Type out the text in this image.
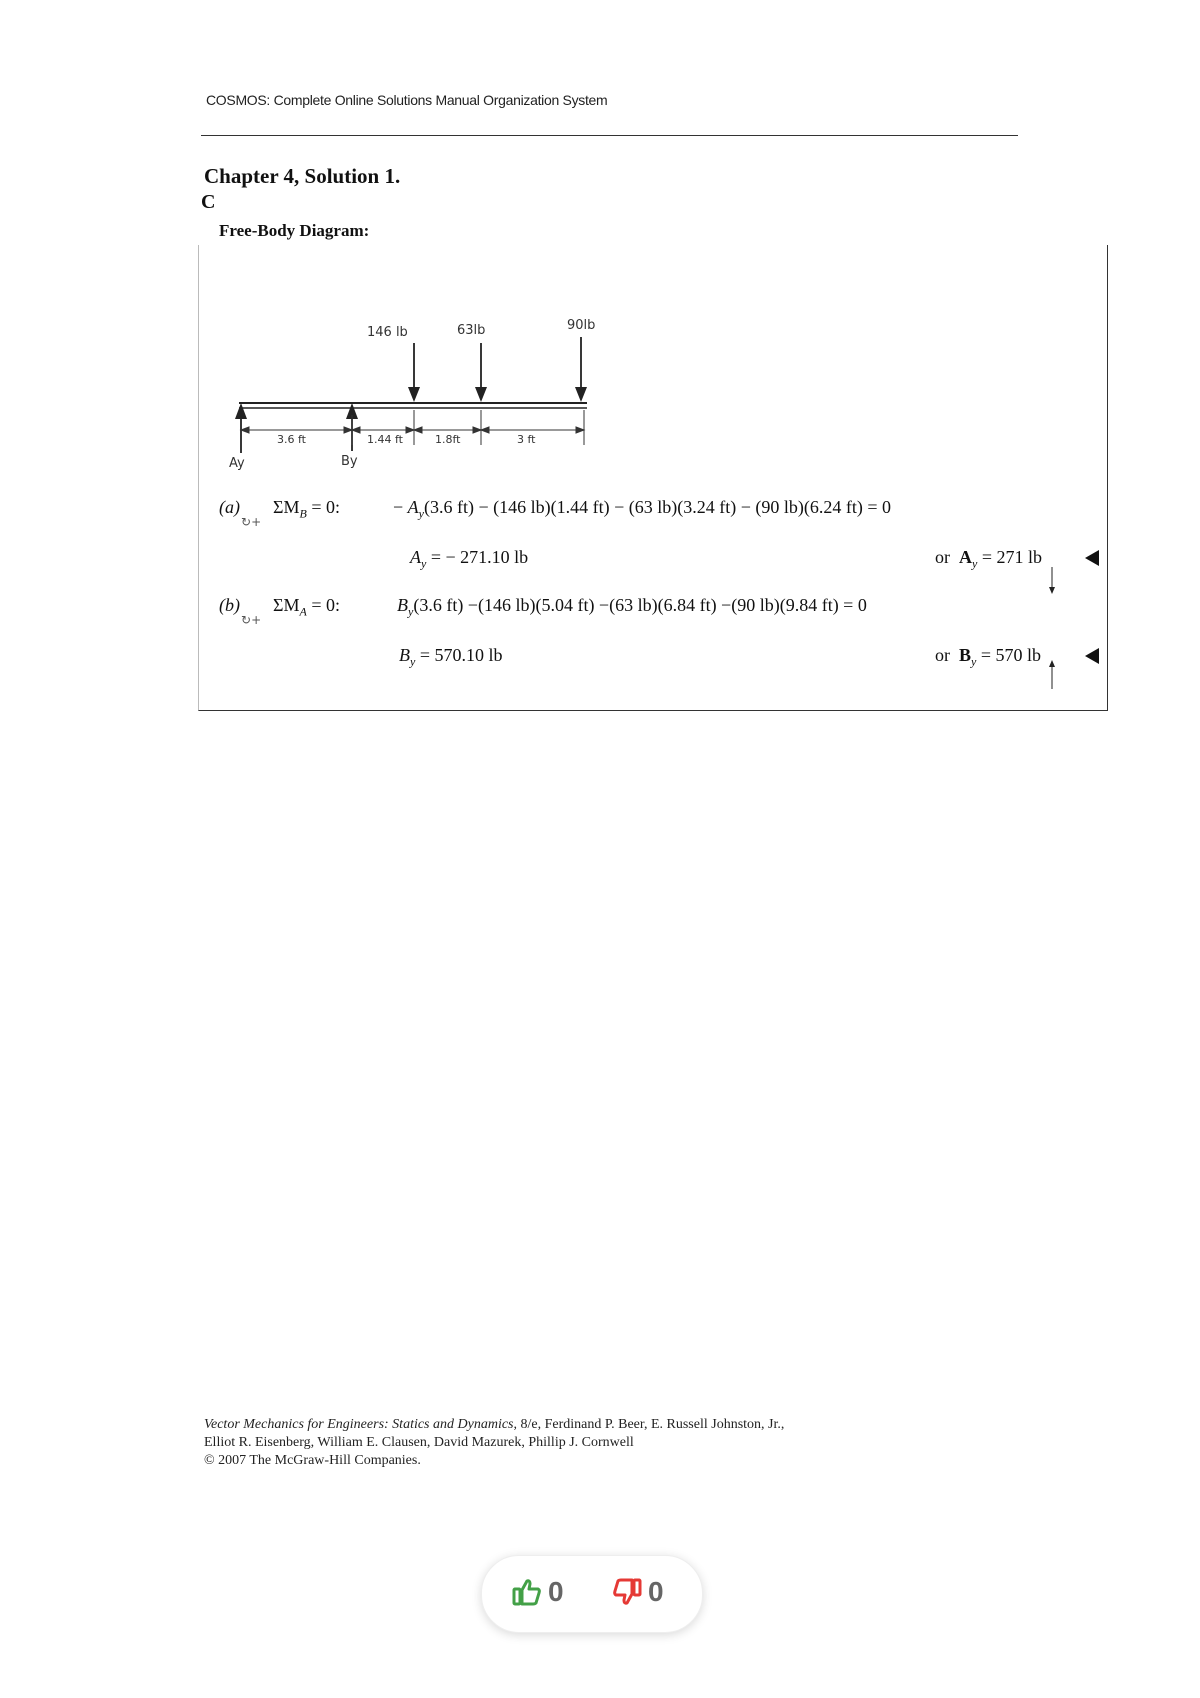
COSMOS: Complete Online Solutions Manual Organization System
Chapter 4, Solution 1.
C
Free-Body Diagram:
146 lb	63lb	90lb
3.6 ft	1.44 ft	1.8ft	3 ft
Ay	By
(a)
↻+
$\Sigma M_B = 0$:	− $A_y(3.6$ ft) − (146 lb)(1.44 ft) − (63 lb)(3.24 ft) − (90 lb)(6.24 ft) = 0
$A_y$ = − 271.10 lb	or $A_y = 271$ lb
(b)
↻+
$\Sigma M_A = 0$:	$B_y(3.6$ ft) −(146 lb)(5.04 ft) −(63 lb)(6.84 ft) −(90 lb)(9.84 ft) = 0
$B_y = 570.10$ lb	or $B_y = 570$ lb
Vector Mechanics for Engineers: Statics and Dynamics, 8/e, Ferdinand P. Beer, E. Russell Johnston, Jr.,
Elliot R. Eisenberg, William E. Clausen, David Mazurek, Phillip J. Cornwell
© 2007 The McGraw-Hill Companies.
0	0
